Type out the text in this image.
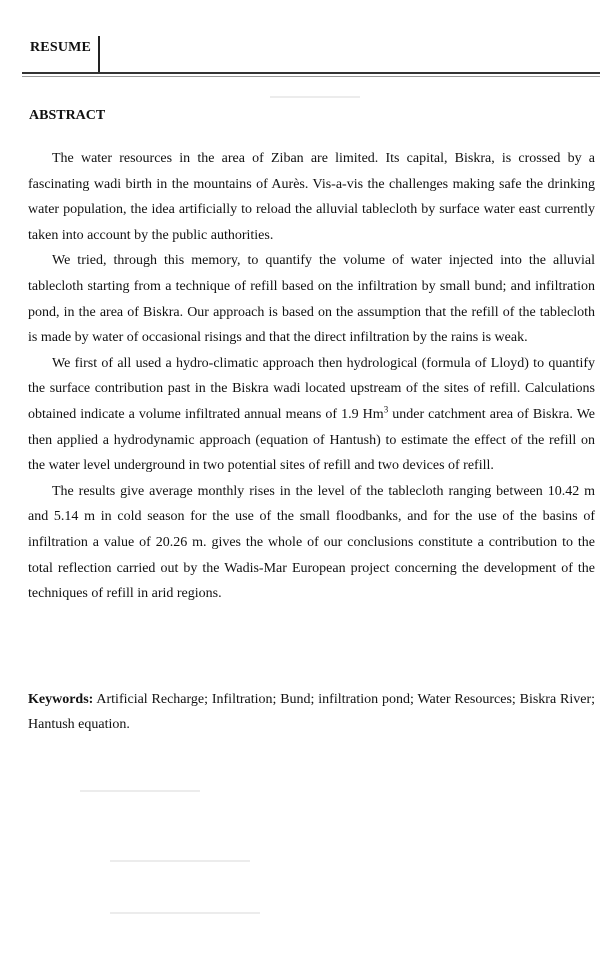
RESUME
ABSTRACT

The water resources in the area of Ziban are limited. Its capital, Biskra, is crossed by a fascinating wadi birth in the mountains of Aurès. Vis-a-vis the challenges making safe the drinking water population, the idea artificially to reload the alluvial tablecloth by surface water east currently taken into account by the public authorities.

We tried, through this memory, to quantify the volume of water injected into the alluvial tablecloth starting from a technique of refill based on the infiltration by small bund; and infiltration pond, in the area of Biskra. Our approach is based on the assumption that the refill of the tablecloth is made by water of occasional risings and that the direct infiltration by the rains is weak.

We first of all used a hydro-climatic approach then hydrological (formula of Lloyd) to quantify the surface contribution past in the Biskra wadi located upstream of the sites of refill. Calculations obtained indicate a volume infiltrated annual means of 1.9 Hm$^3$ under catchment area of Biskra. We then applied a hydrodynamic approach (equation of Hantush) to estimate the effect of the refill on the water level underground in two potential sites of refill and two devices of refill.

The results give average monthly rises in the level of the tablecloth ranging between 10.42 m and 5.14 m in cold season for the use of the small floodbanks, and for the use of the basins of infiltration a value of 20.26 m. gives the whole of our conclusions constitute a contribution to the total reflection carried out by the Wadis-Mar European project concerning the development of the techniques of refill in arid regions.

Keywords: Artificial Recharge; Infiltration; Bund; infiltration pond; Water Resources; Biskra River; Hantush equation.
